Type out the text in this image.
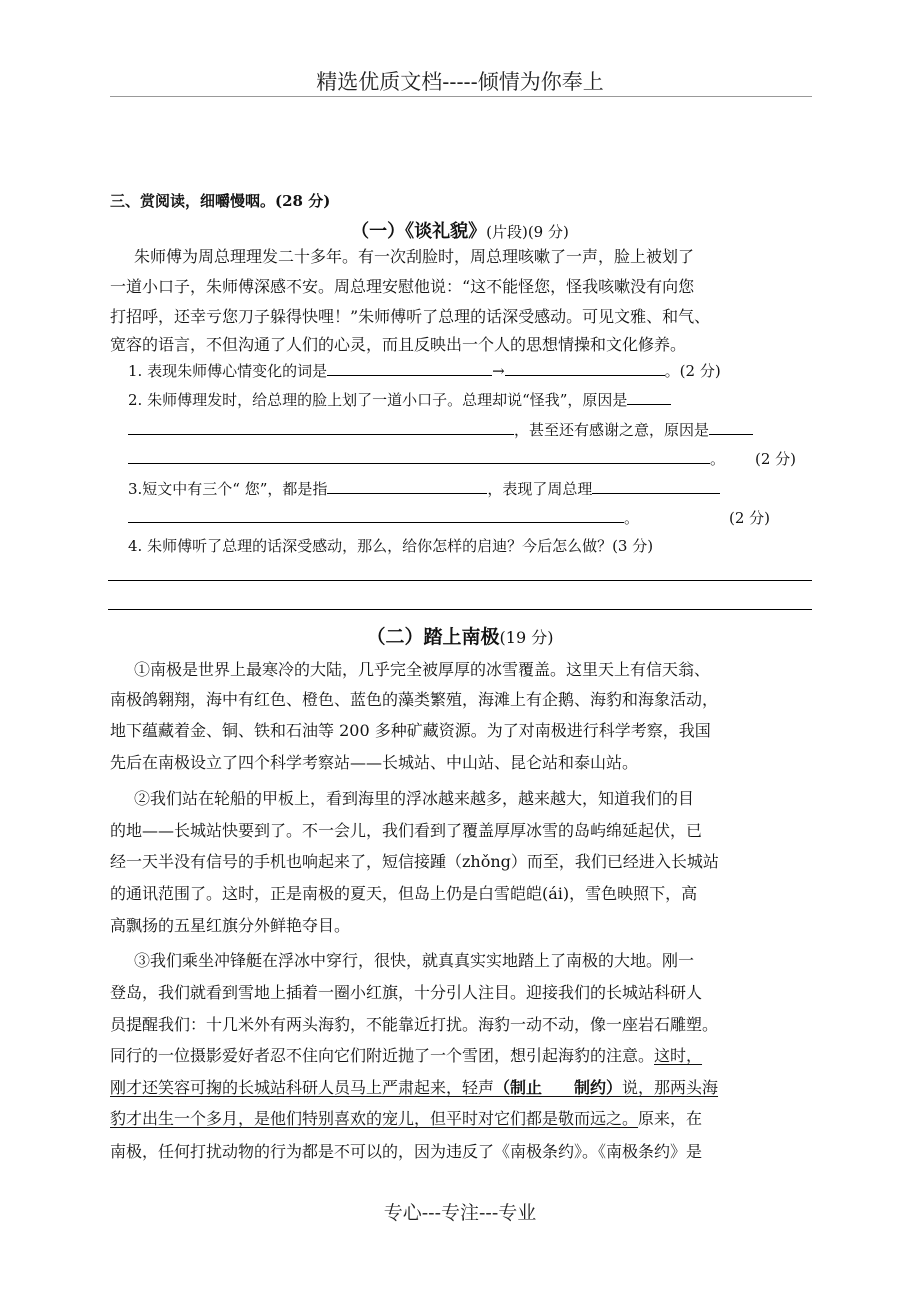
精选优质文档-----倾情为你奉上
三、赏阅读，细嚼慢咽。(28 分)
（一）《谈礼貌》(片段)(9 分)
朱师傅为周总理理发二十多年。有一次刮脸时，周总理咳嗽了一声，脸上被划了
一道小口子，朱师傅深感不安。周总理安慰他说：“这不能怪您，怪我咳嗽没有向您
打招呼，还幸亏您刀子躲得快哩！”朱师傅听了总理的话深受感动。可见文雅、和气、
宽容的语言，不但沟通了人们的心灵，而且反映出一个人的思想情操和文化修养。
1. 表现朱师傅心情变化的词是	→	。(2 分)
2. 朱师傅理发时，给总理的脸上划了一道小口子。总理却说“怪我”，原因是
，甚至还有感谢之意，原因是
。 (2 分)
3.短文中有三个“ 您”，都是指	，表现了周总理
。	(2 分)
4. 朱师傅听了总理的话深受感动，那么，给你怎样的启迪？今后怎么做？(3 分)
（二）踏上南极(19 分)
①南极是世界上最寒冷的大陆，几乎完全被厚厚的冰雪覆盖。这里天上有信天翁、
南极鸽翱翔，海中有红色、橙色、蓝色的藻类繁殖，海滩上有企鹅、海豹和海象活动，
地下蕴藏着金、铜、铁和石油等 200 多种矿藏资源。为了对南极进行科学考察，我国
先后在南极设立了四个科学考察站——长城站、中山站、昆仑站和泰山站。
②我们站在轮船的甲板上，看到海里的浮冰越来越多，越来越大，知道我们的目
的地——长城站快要到了。不一会儿，我们看到了覆盖厚厚冰雪的岛屿绵延起伏，已
经一天半没有信号的手机也响起来了，短信接踵（zhǒng）而至，我们已经进入长城站
的通讯范围了。这时，正是南极的夏天，但岛上仍是白雪皑皑(ái)，雪色映照下，高
高飘扬的五星红旗分外鲜艳夺目。
③我们乘坐冲锋艇在浮冰中穿行，很快，就真真实实地踏上了南极的大地。刚一
登岛，我们就看到雪地上插着一圈小红旗，十分引人注目。迎接我们的长城站科研人
员提醒我们：十几米外有两头海豹，不能靠近打扰。海豹一动不动，像一座岩石雕塑。
同行的一位摄影爱好者忍不住向它们附近抛了一个雪团，想引起海豹的注意。这时，
刚才还笑容可掬的长城站科研人员马上严肃起来，轻声（制止　　制约）说，那两头海
豹才出生一个多月，是他们特别喜欢的宠儿，但平时对它们都是敬而远之。原来，在
南极，任何打扰动物的行为都是不可以的，因为违反了《南极条约》。《南极条约》是
专心---专注---专业
